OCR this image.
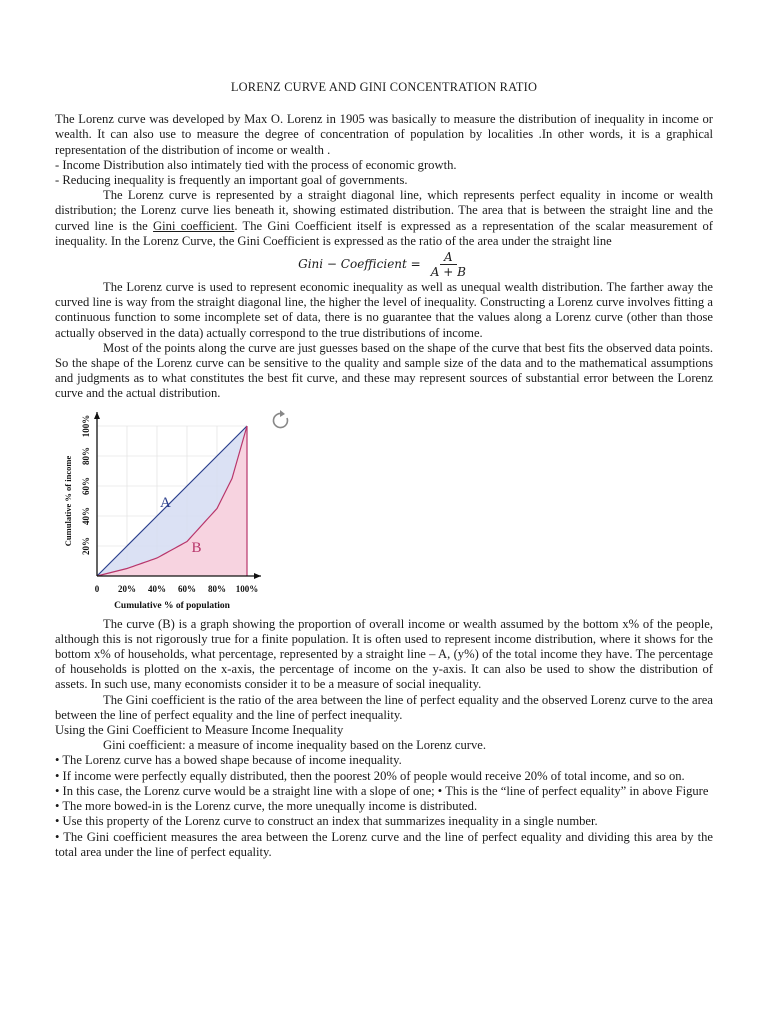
LORENZ CURVE AND GINI CONCENTRATION RATIO

The Lorenz curve was developed by Max O. Lorenz in 1905 was basically to measure the distribution of inequality in income or wealth. It can also use to measure the degree of concentration of population by localities .In other words, it is a graphical representation of the distribution of income or wealth .

- Income Distribution also intimately tied with the process of economic growth.

- Reducing inequality is frequently an important goal of governments.

The Lorenz curve is represented by a straight diagonal line, which represents perfect equality in income or wealth distribution; the Lorenz curve lies beneath it, showing estimated distribution. The area that is between the straight line and the curved line is the Gini coefficient. The Gini Coefficient itself is expressed as a representation of the scalar measurement of inequality. In the Lorenz Curve, the Gini Coefficient is expressed as the ratio of the area under the straight line

Gini − Coefficient = $\frac{A}{A + B}$

The Lorenz curve is used to represent economic inequality as well as unequal wealth distribution. The farther away the curved line is way from the straight diagonal line, the higher the level of inequality. Constructing a Lorenz curve involves fitting a continuous function to some incomplete set of data, there is no guarantee that the values along a Lorenz curve (other than those actually observed in the data) actually correspond to the true distributions of income.

Most of the points along the curve are just guesses based on the shape of the curve that best fits the observed data points. So the shape of the Lorenz curve can be sensitive to the quality and sample size of the data and to the mathematical assumptions and judgments as to what constitutes the best fit curve, and these may represent sources of substantial error between the Lorenz curve and the actual distribution.

0 20% 40% 60% 80% 100%
20%
40%
60%
80%
100%
Cumulative % of population
Cumulative % of income	A
B

The curve (B) is a graph showing the proportion of overall income or wealth assumed by the bottom x% of the people, although this is not rigorously true for a finite population. It is often used to represent income distribution, where it shows for the bottom x% of households, what percentage, represented by a straight line – A, (y%) of the total income they have. The percentage of households is plotted on the x-axis, the percentage of income on the y-axis. It can also be used to show the distribution of assets. In such use, many economists consider it to be a measure of social inequality.

The Gini coefficient is the ratio of the area between the line of perfect equality and the observed Lorenz curve to the area between the line of perfect equality and the line of perfect inequality.

Using the Gini Coefficient to Measure Income Inequality

Gini coefficient: a measure of income inequality based on the Lorenz curve.

• The Lorenz curve has a bowed shape because of income inequality.

• If income were perfectly equally distributed, then the poorest 20% of people would receive 20% of total income, and so on.

• In this case, the Lorenz curve would be a straight line with a slope of one; • This is the “line of perfect equality” in above Figure

• The more bowed-in is the Lorenz curve, the more unequally income is distributed.

• Use this property of the Lorenz curve to construct an index that summarizes inequality in a single number.

• The Gini coefficient measures the area between the Lorenz curve and the line of perfect equality and dividing this area by the total area under the line of perfect equality.
